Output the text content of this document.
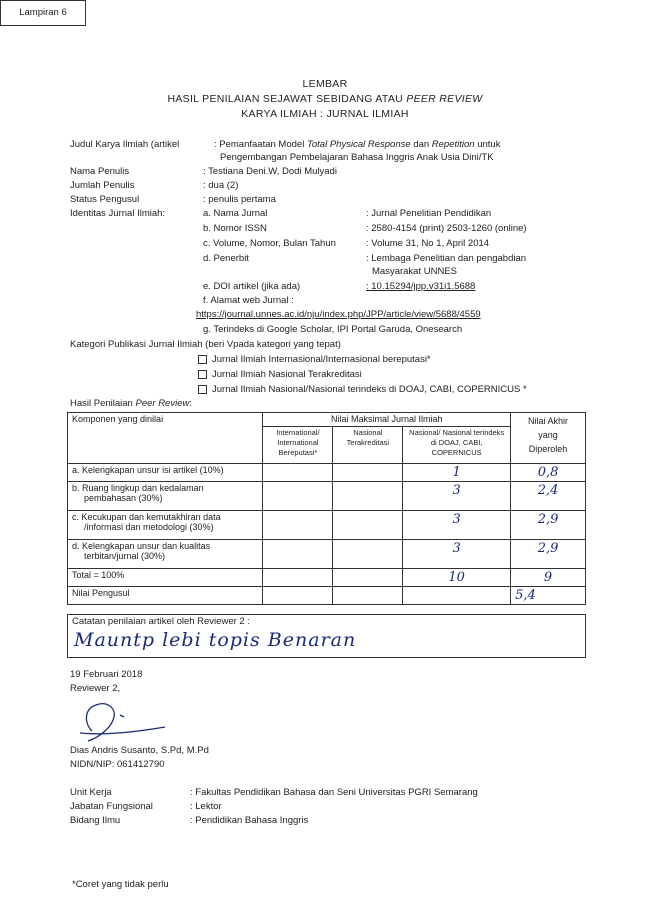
Lampiran 6
LEMBAR
HASIL PENILAIAN SEJAWAT SEBIDANG ATAU PEER REVIEW
KARYA ILMIAH : JURNAL ILMIAH
Judul Karya Ilmiah (artikel	: Pemanfaatan Model Total Physical Response dan Repetition untuk
Pengembangan Pembelajaran Bahasa Inggris Anak Usia Dini/TK
Nama Penulis	: Testiana Deni.W, Dodi Mulyadi
Jumlah Penulis	: dua (2)
Status Pengusul	: penulis pertama
Identitas Jurnal Ilmiah:	a. Nama Jurnal	: Jurnal Penelitian Pendidikan
b. Nomor ISSN	: 2580-4154 (print) 2503-1260 (online)
c. Volume, Nomor, Bulan Tahun	: Volume 31, No 1, April 2014
d. Penerbit	: Lembaga Penelitian dan pengabdian
Masyarakat UNNES
e. DOI artikel (jika ada)	: 10.15294/jpp.v31i1.5688
f. Alamat web Jurnal :
https://journal.unnes.ac.id/nju/index.php/JPP/article/view/5688/4559
g. Terindeks di Google Scholar, IPI Portal Garuda, Onesearch
Kategori Publikasi Jurnal Ilmiah (beri Vpada kategori yang tepat)
Jurnal Ilmiah Internasional/Internasional bereputasi*
Jurnal Ilmiah Nasional Terakreditasi
Jurnal Ilmiah Nasional/Nasional terindeks di DOAJ, CABI, COPERNICUS *
Hasil Penilaian Peer Review:
Komponen yang dinilai	Nilai Maksimal Jurnal Ilmiah			Nilai Akhir
yang
Diperoleh

	International/ International Bereputasi*	Nasional Terakreditasi	Nasional/ Nasional terindeks di DOAJ, CABI, COPERNICUS	

a. Kelengkapan unsur isi artikel (10%)			1	0,8

b. Ruang lingkup dan kedalaman
pembahasan (30%)			3	2,4

c. Kecukupan dan kemutakhiran data
/informasi dan metodologi (30%)			3	2,9

d. Kelengkapan unsur dan kualitas
terbitan/jurnal (30%)			3	2,9
Total = 100%			10	9
Nilai Pengusul				5,4
Catatan penilaian artikel oleh Reviewer 2 :
Mauntp lebi topis Benaran
19 Februari 2018
Reviewer 2,
Dias Andris Susanto, S.Pd, M.Pd
NIDN/NIP: 061412790
Unit Kerja	: Fakultas Pendidikan Bahasa dan Seni Universitas PGRI Semarang
Jabatan Fungsional	: Lektor
Bidang Ilmu	: Pendidikan Bahasa Inggris
*Coret yang tidak perlu
